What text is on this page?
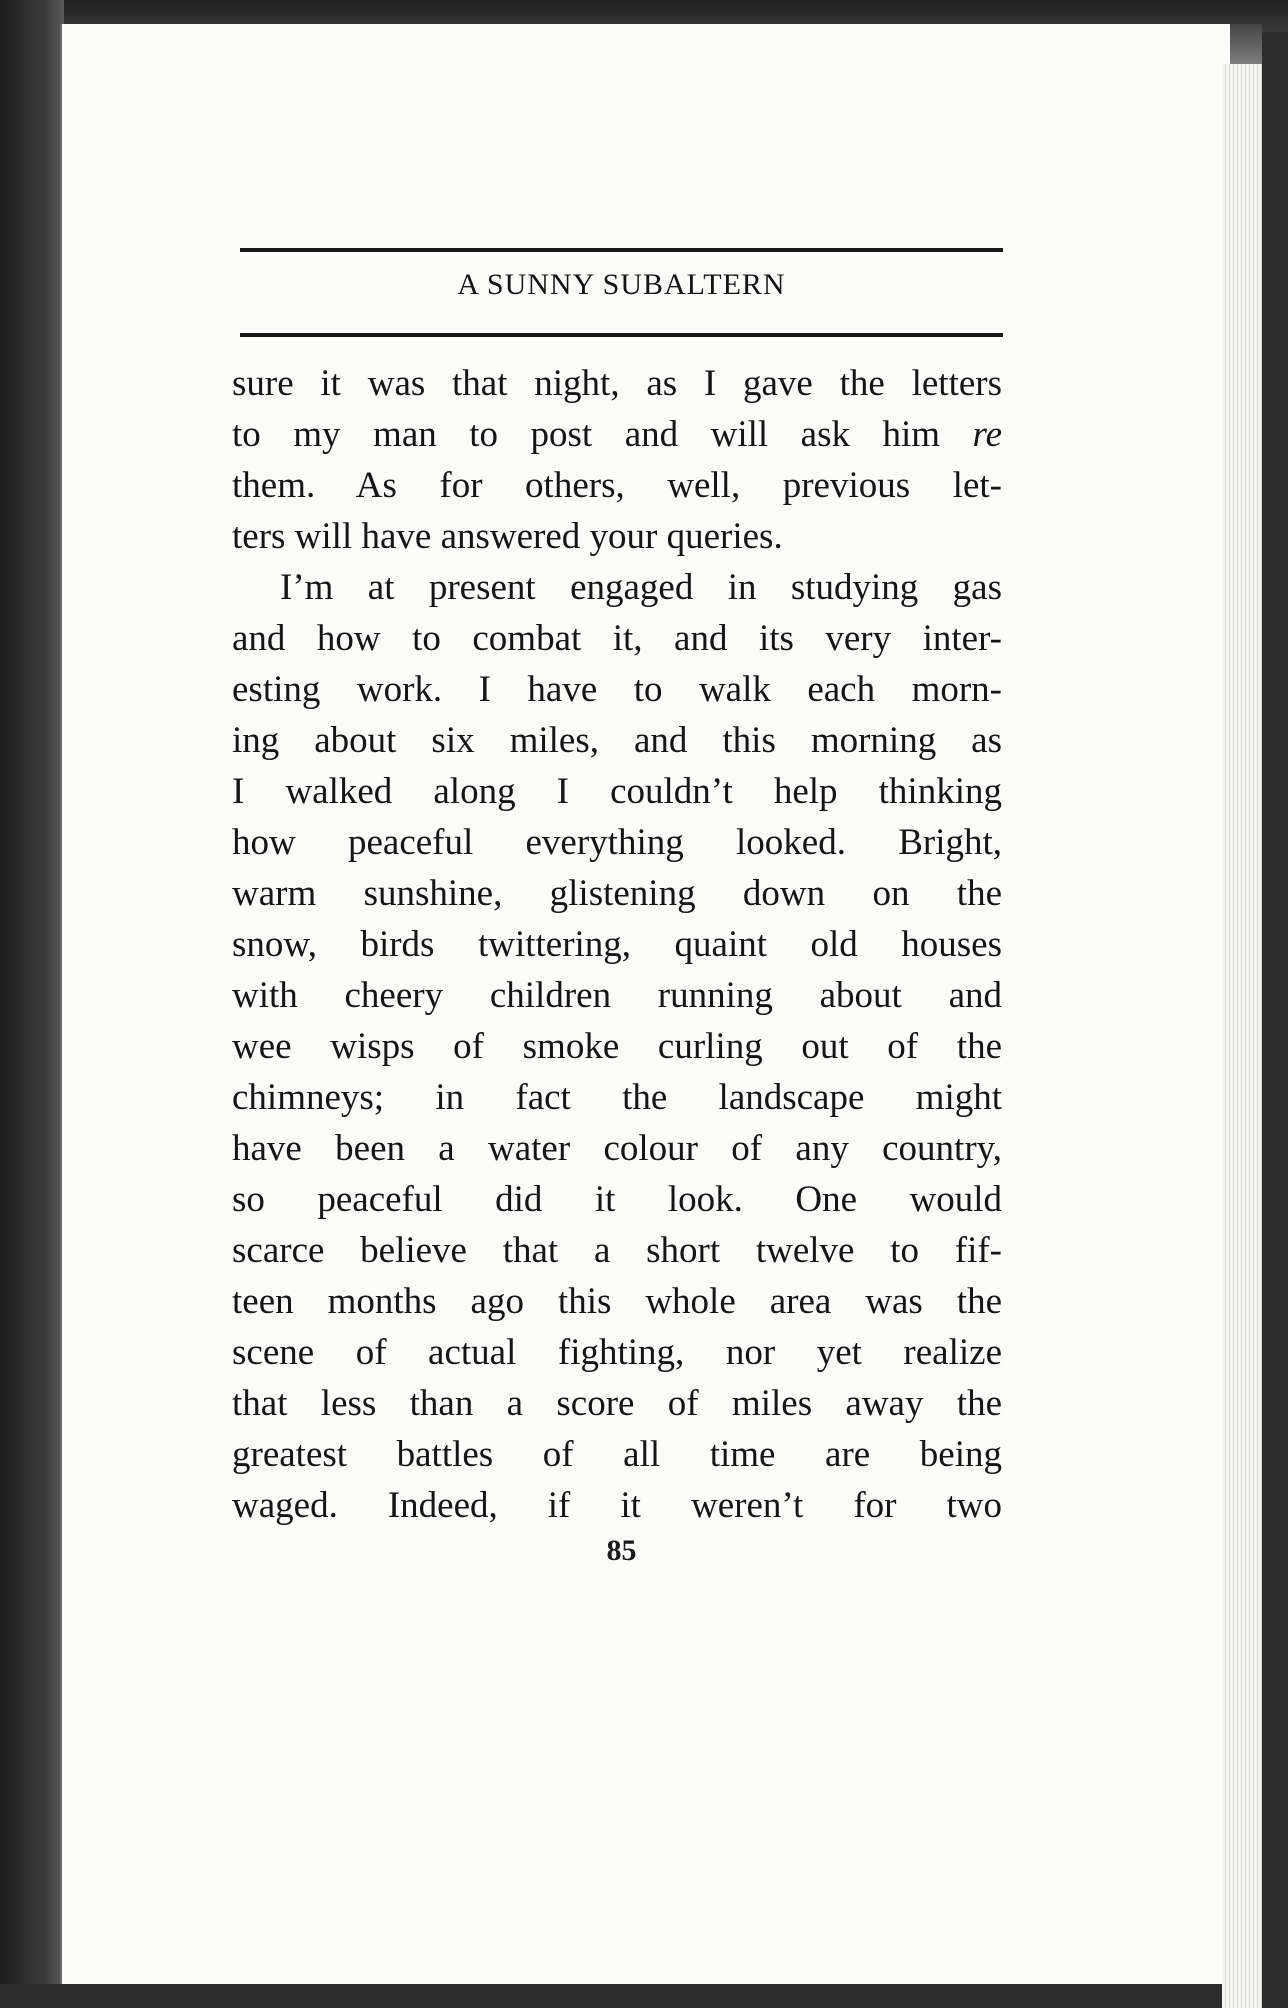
A SUNNY SUBALTERN
sure it was that night, as I gave the letters
to my man to post and will ask him re
them. As for others, well, previous let-
ters will have answered your queries.
I’m at present engaged in studying gas
and how to combat it, and its very inter-
esting work. I have to walk each morn-
ing about six miles, and this morning as
I walked along I couldn’t help thinking
how peaceful everything looked. Bright,
warm sunshine, glistening down on the
snow, birds twittering, quaint old houses
with cheery children running about and
wee wisps of smoke curling out of the
chimneys; in fact the landscape might
have been a water colour of any country,
so peaceful did it look. One would
scarce believe that a short twelve to fif-
teen months ago this whole area was the
scene of actual fighting, nor yet realize
that less than a score of miles away the
greatest battles of all time are being
waged. Indeed, if it weren’t for two
85
